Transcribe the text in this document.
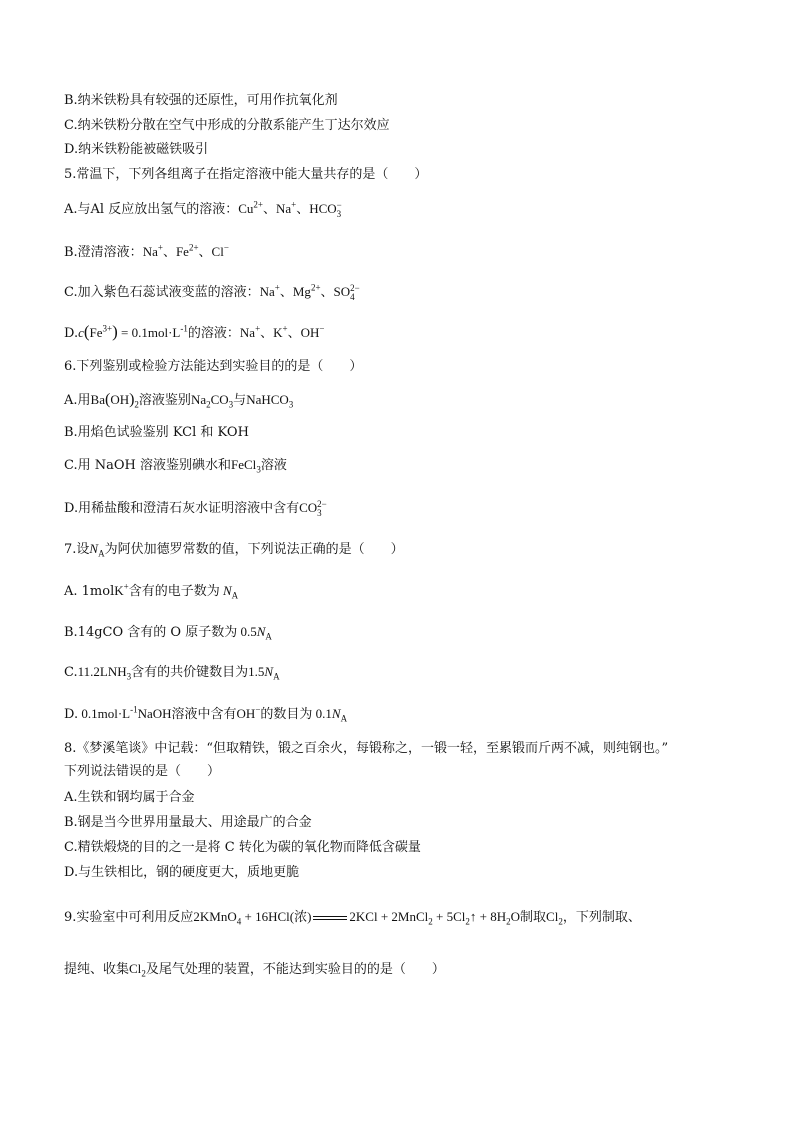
B.纳米铁粉具有较强的还原性，可用作抗氧化剂
C.纳米铁粉分散在空气中形成的分散系能产生丁达尔效应
D.纳米铁粉能被磁铁吸引
5.常温下，下列各组离子在指定溶液中能大量共存的是（　　）
A.与Al 反应放出氢气的溶液：$Cu^{2+}$、Na+、HCO −
3
B.澄清溶液：Na+、$Fe^{2+}$、Cl−
C.加入紫色石蕊试液变蓝的溶液：Na+、$Mg^{2+}$、SO 2−
4
$D.c(Fe^{3+}) = 0.1mol\cdot L^{-1}$的溶液：Na+、K+、OH−
6.下列鉴别或检验方法能达到实验目的的是（　　）
A.用$Ba(OH)_2$溶液鉴别$Na_2CO_3$与NaHCO$_3$
B.用焰色试验鉴别 KCl 和 KOH
C.用 NaOH 溶液鉴别碘水和FeCl$_3$溶液
D.用稀盐酸和澄清石灰水证明溶液中含有CO 2−
3
7.设$N_A$为阿伏加德罗常数的值，下列说法正确的是（　　）
A. 1molK+含有的电子数为 $N_A$
B.14gCO 含有的 O 原子数为 $0.5N_A$
$C.11.2LNH_3$含有的共价键数目为$1.5N_A$
D. $0.1mol\cdot L^{-1}NaOH$溶液中含有OH−的数目为 $0.1N_A$
8.《梦溪笔谈》中记载：“但取精铁，锻之百余火，每锻称之，一锻一轻，至累锻而斤两不减，则纯钢也。”
下列说法错误的是（　　）
A.生铁和钢均属于合金
B.钢是当今世界用量最大、用途最广的合金
C.精铁煅烧的目的之一是将 C 转化为碳的氧化物而降低含碳量
D.与生铁相比，钢的硬度更大，质地更脆
9.实验室中可利用反应2KMnO$_4$ + 16HCl(浓)	2KCl + 2MnCl$_2$ + $5Cl_2↑ + 8H_2O$制取$Cl_2$，下列制取、
提纯、收集$Cl_2$及尾气处理的装置，不能达到实验目的的是（　　）
